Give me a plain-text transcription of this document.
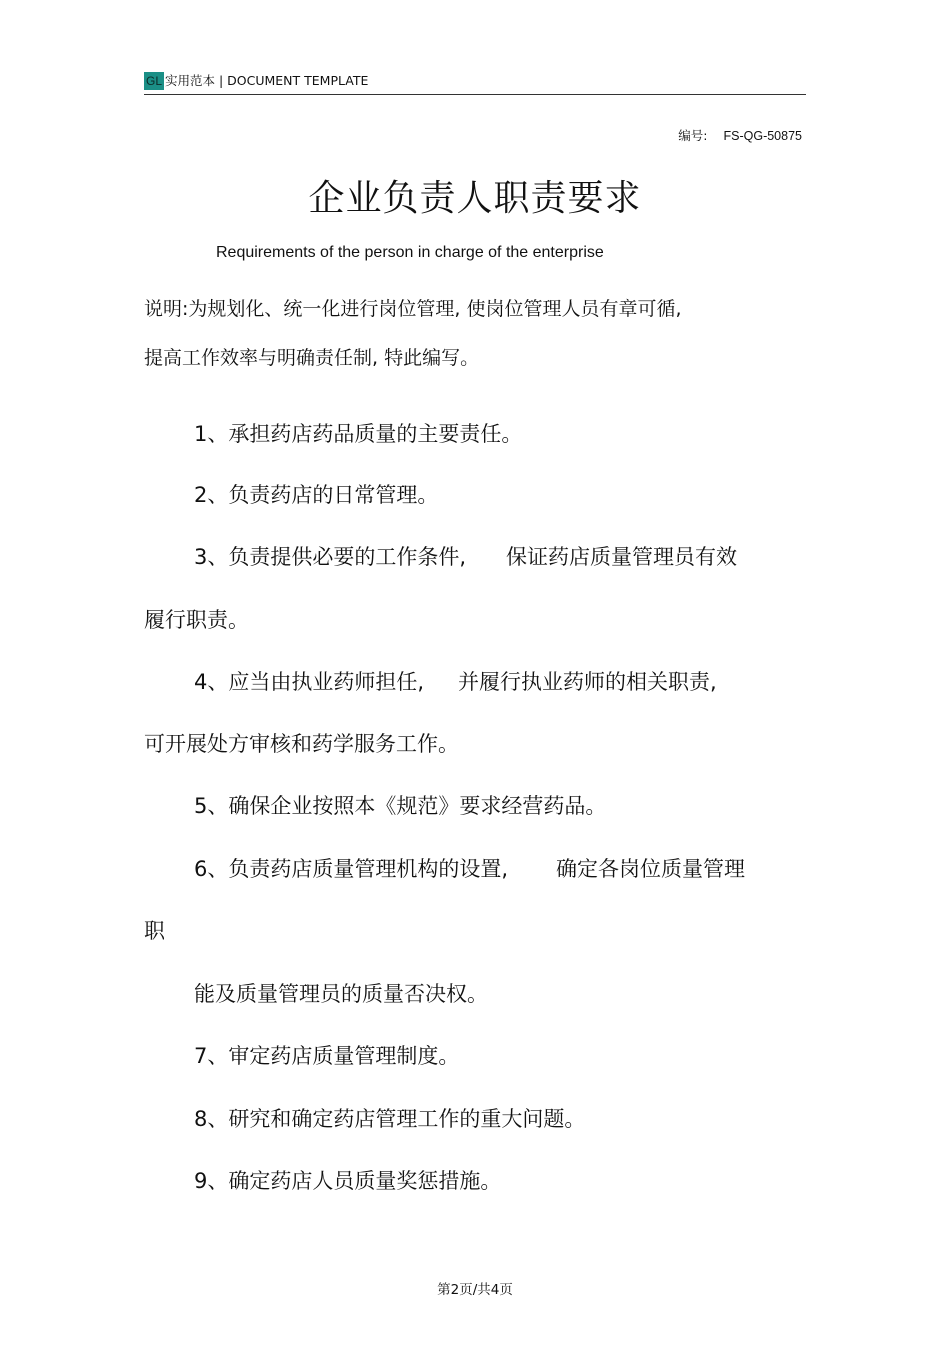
GL 实用范本 | DOCUMENT TEMPLATE
编号: FS-QG-50875
企业负责人职责要求
Requirements of the person in charge of the enterprise
说明:为规划化、统一化进行岗位管理, 使岗位管理人员有章可循,
提高工作效率与明确责任制, 特此编写。
1、承担药店药品质量的主要责任。
2、负责药店的日常管理。
3、负责提供必要的工作条件, 保证药店质量管理员有效
履行职责。
4、应当由执业药师担任, 并履行执业药师的相关职责,
可开展处方审核和药学服务工作。
5、确保企业按照本《规范》要求经营药品。
6、负责药店质量管理机构的设置, 确定各岗位质量管理
职
能及质量管理员的质量否决权。
7、审定药店质量管理制度。
8、研究和确定药店管理工作的重大问题。
9、确定药店人员质量奖惩措施。
第2页/共4页
